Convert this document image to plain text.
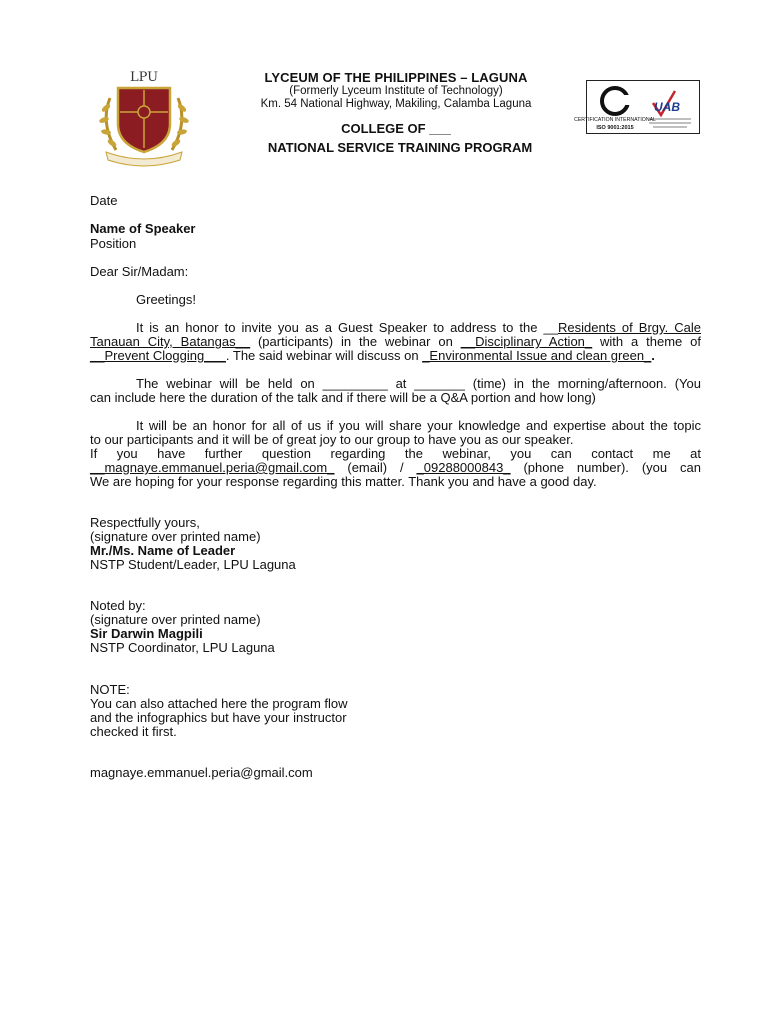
LPU	LYCEUM OF THE PHILIPPINES – LAGUNA
(Formerly Lyceum Institute of Technology)
Km. 54 National Highway, Makiling, Calamba Laguna
COLLEGE OF ___
NATIONAL SERVICE TRAINING PROGRAM
CERTIFICATION INTERNATIONAL
ISO 9001:2015
UAB
Date
Name of Speaker
Position
Dear Sir/Madam:
Greetings!
It is an honor to invite you as a Guest Speaker to address to the __Residents of Brgy. Cale
Tanauan City, Batangas__ (participants) in the webinar on __Disciplinary Action_ with a theme of
__Prevent Clogging___. The said webinar will discuss on _Environmental Issue and clean green_.
The webinar will be held on _________ at _______ (time) in the morning/afternoon. (You
can include here the duration of the talk and if there will be a Q&A portion and how long)
It will be an honor for all of us if you will share your knowledge and expertise about the topic
to our participants and it will be of great joy to our group to have you as our speaker.
If you have further question regarding the webinar, you can contact me at
__magnaye.emmanuel.peria@gmail.com_ (email) / _09288000843_ (phone number). (you can
We are hoping for your response regarding this matter. Thank you and have a good day.
Respectfully yours,
(signature over printed name)
Mr./Ms. Name of Leader
NSTP Student/Leader, LPU Laguna
Noted by:
(signature over printed name)
Sir Darwin Magpili
NSTP Coordinator, LPU Laguna
NOTE:
You can also attached here the program flow
and the infographics but have your instructor
checked it first.
magnaye.emmanuel.peria@gmail.com
